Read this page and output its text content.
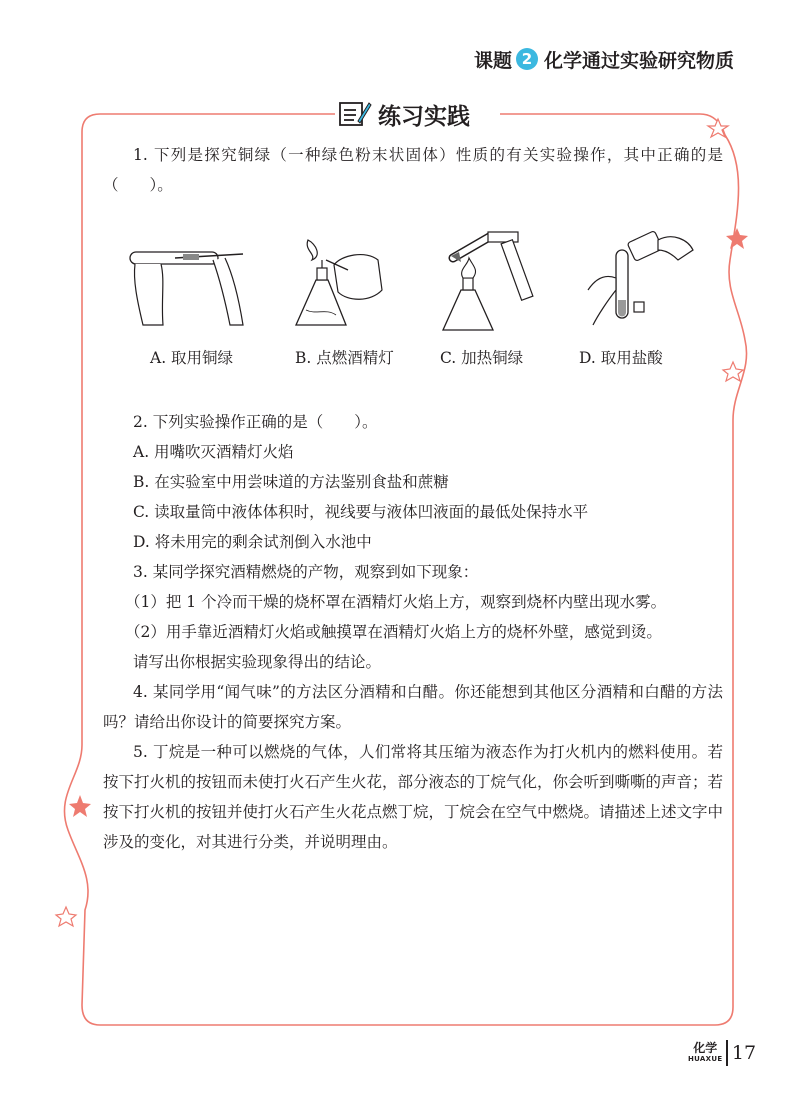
课题 2 化学通过实验研究物质
练习实践

1. 下列是探究铜绿（一种绿色粉末状固体）性质的有关实验操作，其中正确的是（　　）。

A. 取用铜绿	B. 点燃酒精灯	C. 加热铜绿	D. 取用盐酸

2. 下列实验操作正确的是（　　）。

A. 用嘴吹灭酒精灯火焰

B. 在实验室中用尝味道的方法鉴别食盐和蔗糖

C. 读取量筒中液体体积时，视线要与液体凹液面的最低处保持水平

D. 将未用完的剩余试剂倒入水池中

3. 某同学探究酒精燃烧的产物，观察到如下现象：

（1）把 1 个冷而干燥的烧杯罩在酒精灯火焰上方，观察到烧杯内壁出现水雾。

（2）用手靠近酒精灯火焰或触摸罩在酒精灯火焰上方的烧杯外壁，感觉到烫。

请写出你根据实验现象得出的结论。

4. 某同学用“闻气味”的方法区分酒精和白醋。你还能想到其他区分酒精和白醋的方法吗？请给出你设计的简要探究方案。

5. 丁烷是一种可以燃烧的气体，人们常将其压缩为液态作为打火机内的燃料使用。若按下打火机的按钮而未使打火石产生火花，部分液态的丁烷气化，你会听到嘶嘶的声音；若按下打火机的按钮并使打火石产生火花点燃丁烷，丁烷会在空气中燃烧。请描述上述文字中涉及的变化，对其进行分类，并说明理由。

化学
HUAXUE 17
